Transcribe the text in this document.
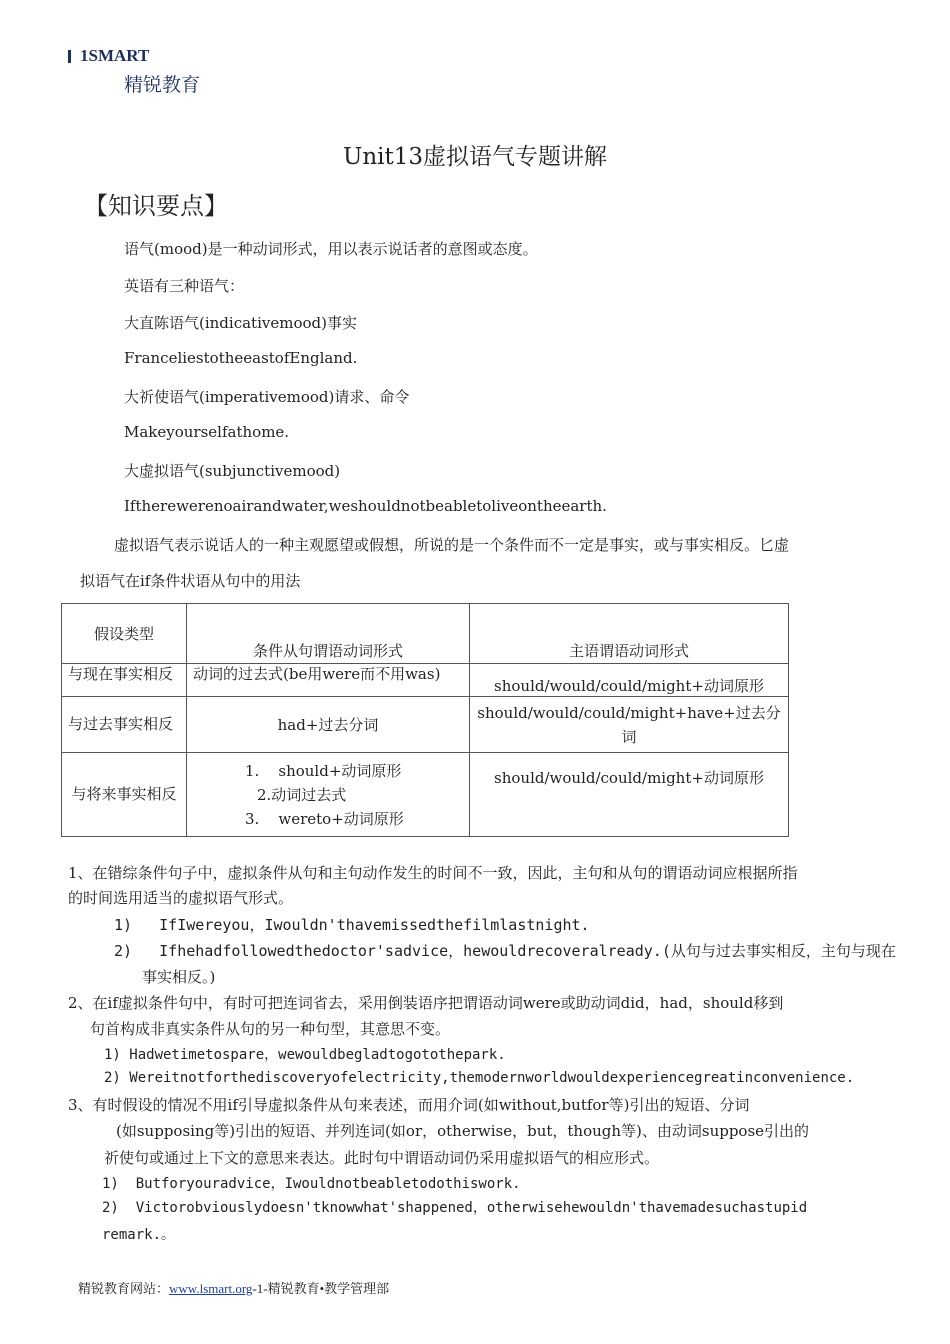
1SMART
精锐教育
Unit13虚拟语气专题讲解
【知识要点】
语气(mood)是一种动词形式，用以表示说话者的意图或态度。
英语有三种语气：
大直陈语气(indicativemood)事实
FranceliestotheeastofEngland.
大祈使语气(imperativemood)请求、命令
Makeyourselfathome.
大虚拟语气(subjunctivemood)
Iftherewerenoairandwater,weshouldnotbeabletoliveontheearth.
虚拟语气表示说话人的一种主观愿望或假想，所说的是一个条件而不一定是事实，或与事实相反。匕虚
拟语气在if条件状语从句中的用法
假设类型	条件从句谓语动词形式	主语谓语动词形式

与现在事实相反	动词的过去式(be用were而不用was)	should/would/could/might+动词原形
与过去事实相反	had+过去分词	should/would/could/might+have+过去分词
与将来事实相反	1.    should+动词原形
2.动词过去式
3.    wereto+动词原形	should/would/could/might+动词原形
1、在错综条件句子中，虚拟条件从句和主句动作发生的时间不一致，因此，主句和从句的谓语动词应根据所指
的时间选用适当的虚拟语气形式。
1)   IfIwereyou，Iwouldn'thavemissedthefilmlastnight.
2)   Ifhehadfollowedthedoctor'sadvice，hewouldrecoveralready.(从句与过去事实相反，主句与现在
事实相反。)
2、在if虚拟条件句中，有时可把连词省去，采用倒装语序把谓语动词were或助动词did，had，should移到
句首构成非真实条件从句的另一种句型，其意思不变。
1) Hadwetimetospare，wewouldbegladtogotothepark.
2) Wereitnotforthediscoveryofelectricity,themodernworldwouldexperiencegreatinconvenience.
3、有时假设的情况不用if引导虚拟条件从句来表述，而用介词(如without,butfor等)引出的短语、分词
(如supposing等)引出的短语、并列连词(如or，otherwise，but，though等)、由动词suppose引出的
祈使句或通过上下文的意思来表达。此时句中谓语动词仍采用虚拟语气的相应形式。
1)  Butforyouradvice，Iwouldnotbeabletodothiswork.
2)  Victorobviouslydoesn'tknowwhat'shappened，otherwisehewouldn'thavemadesuchastupid
remark.。
精锐教育网站：www.lsmart.org-1-精锐教育•教学管理部
